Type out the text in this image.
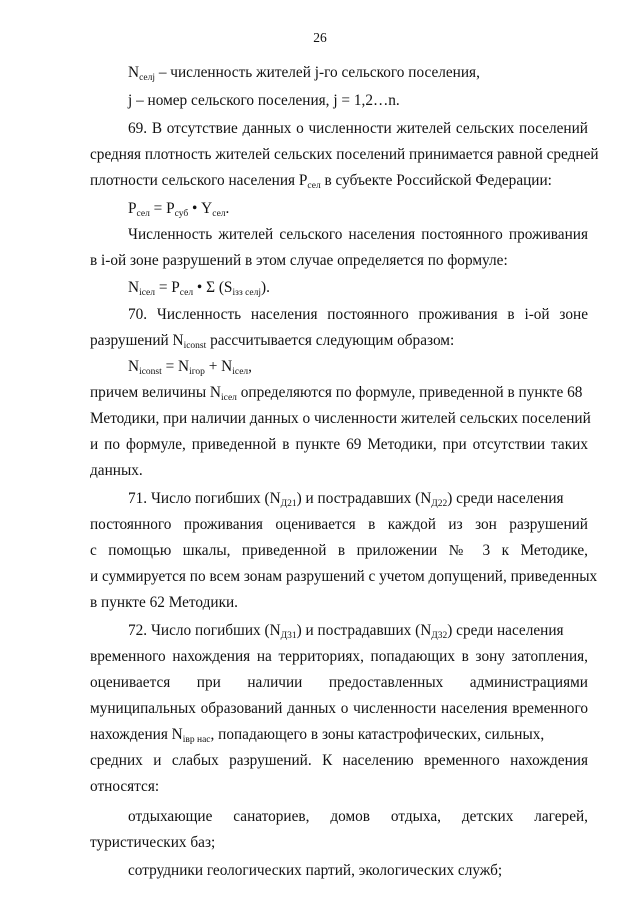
26
$N_{селj}$ – численность жителей j-го сельского поселения,
j – номер сельского поселения, j = 1,2…n.
69. В отсутствие данных о численности жителей сельских поселений
средняя плотность жителей сельских поселений принимается равной средней
плотности сельского населения $P_{сел}$ в субъекте Российской Федерации:
$P_{сел} = P_{суб}$ • $Y_{сел}$.
Численность жителей сельского населения постоянного проживания
в i-ой зоне разрушений в этом случае определяется по формуле:
$N_{iсел} = P_{сел}$ • Σ $(S_{iзз селj})$.
70. Численность населения постоянного проживания в i-ой зоне
разрушений $N_{iconst}$ рассчитывается следующим образом:
$N_{iconst} = N_{iгор} + N_{iсел}$,
причем величины $N_{iсел}$ определяются по формуле, приведенной в пункте 68
Методики, при наличии данных о численности жителей сельских поселений
и по формуле, приведенной в пункте 69 Методики, при отсутствии таких
данных.
71. Число погибших $(N_{Д21})$ и пострадавших $(N_{Д22})$ среди населения
постоянного проживания оценивается в каждой из зон разрушений
с помощью шкалы, приведенной в приложении № 3 к Методике,
и суммируется по всем зонам разрушений с учетом допущений, приведенных
в пункте 62 Методики.
72. Число погибших $(N_{Д31})$ и пострадавших $(N_{Д32})$ среди населения
временного нахождения на территориях, попадающих в зону затопления,
оценивается при наличии предоставленных администрациями
муниципальных образований данных о численности населения временного
нахождения $N_{iвр нас}$, попадающего в зоны катастрофических, сильных,
средних и слабых разрушений. К населению временного нахождения
относятся:
отдыхающие санаториев, домов отдыха, детских лагерей,
туристических баз;
сотрудники геологических партий, экологических служб;
